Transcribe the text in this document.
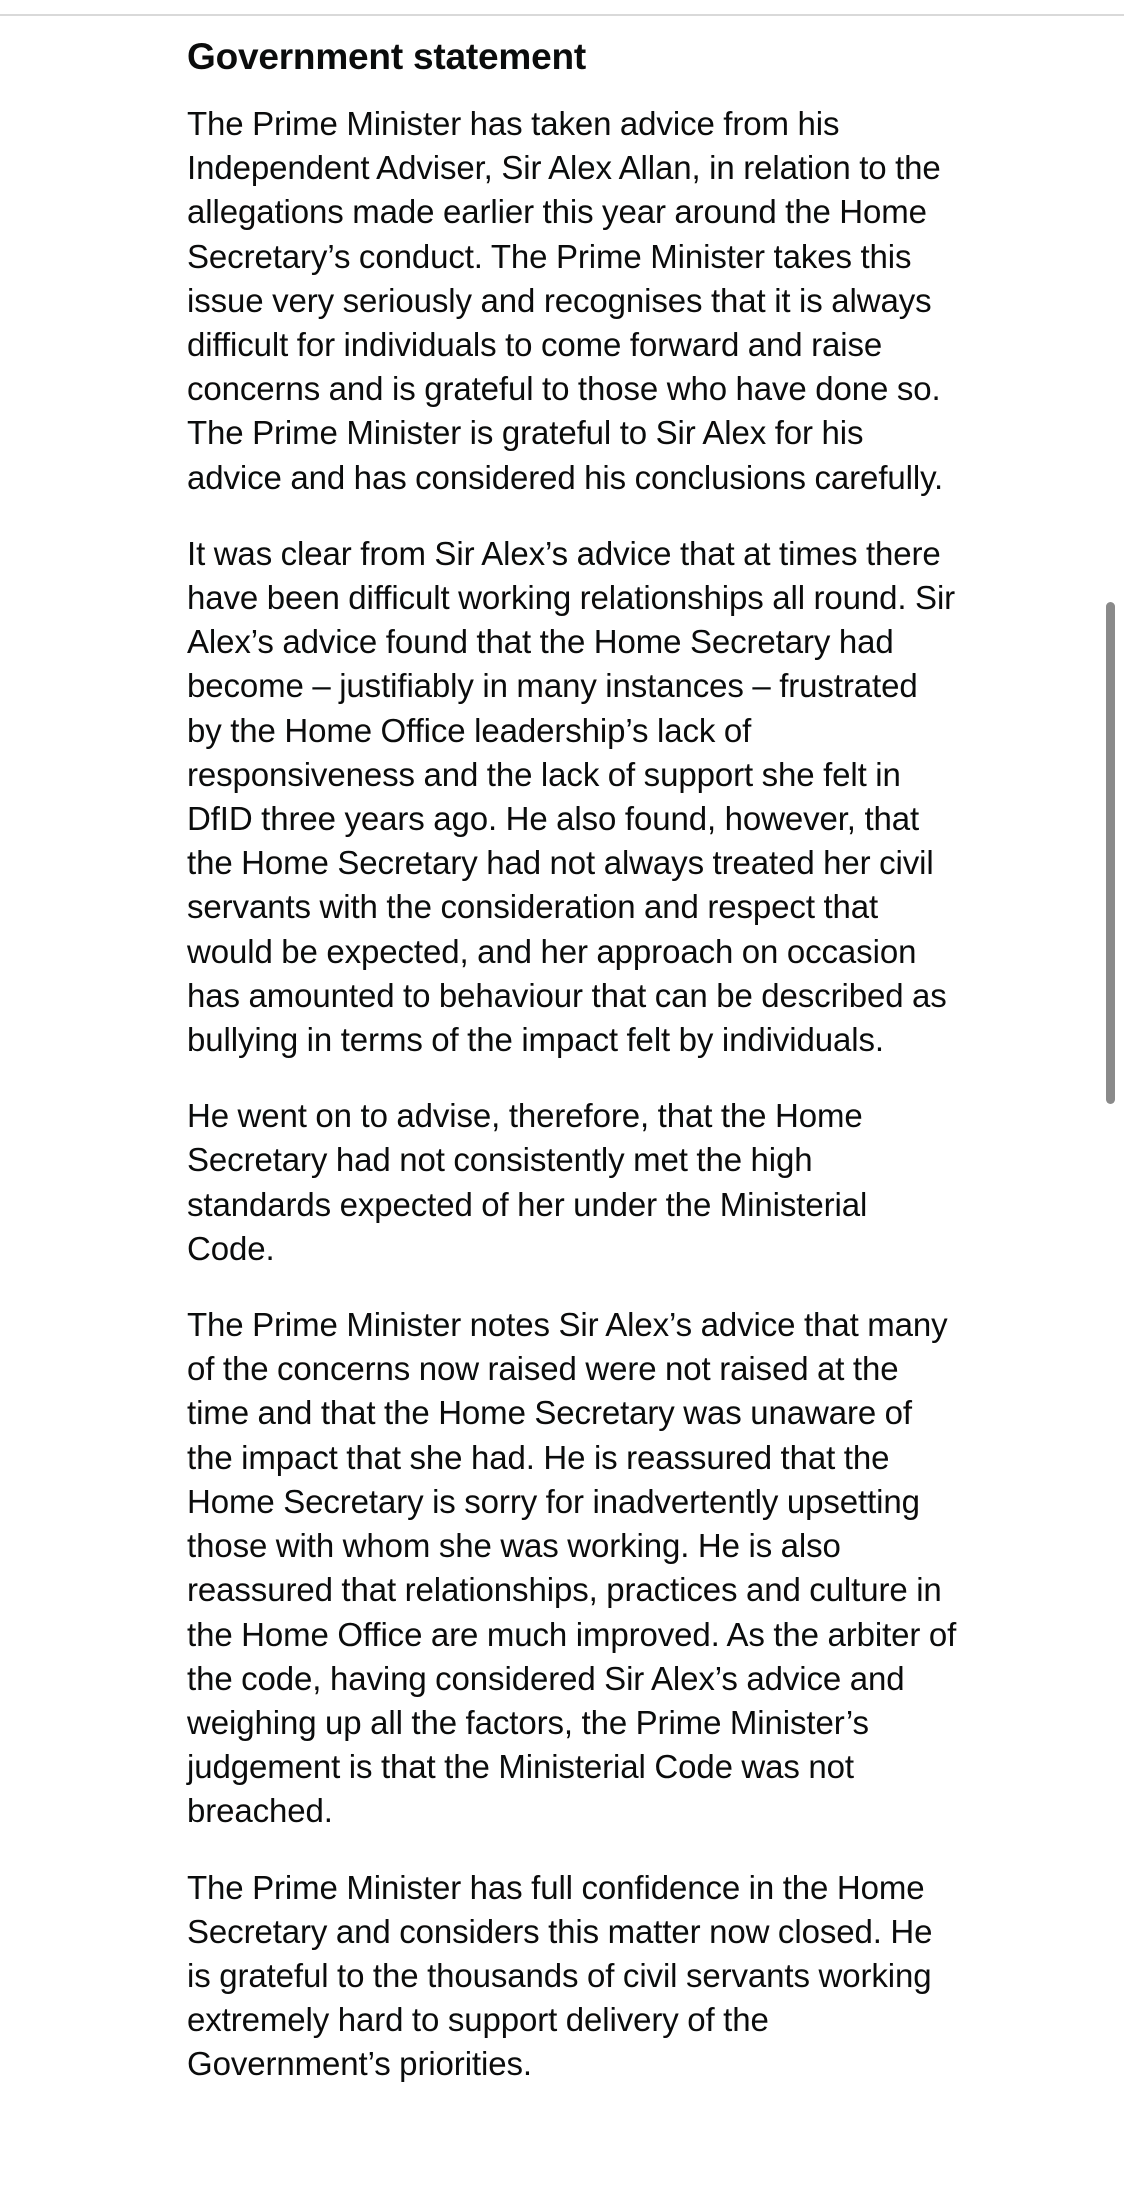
Government statement

The Prime Minister has taken advice from his Independent Adviser, Sir Alex Allan, in relation to the allegations made earlier this year around the Home Secretary’s conduct. The Prime Minister takes this issue very seriously and recognises that it is always difficult for individuals to come forward and raise concerns and is grateful to those who have done so. The Prime Minister is grateful to Sir Alex for his advice and has considered his conclusions carefully.

It was clear from Sir Alex’s advice that at times there have been difficult working relationships all round. Sir Alex’s advice found that the Home Secretary had become – justifiably in many instances – frustrated by the Home Office leadership’s lack of responsiveness and the lack of support she felt in DfID three years ago. He also found, however, that the Home Secretary had not always treated her civil servants with the consideration and respect that would be expected, and her approach on occasion has amounted to behaviour that can be described as bullying in terms of the impact felt by individuals.

He went on to advise, therefore, that the Home Secretary had not consistently met the high standards expected of her under the Ministerial Code.

The Prime Minister notes Sir Alex’s advice that many of the concerns now raised were not raised at the time and that the Home Secretary was unaware of the impact that she had. He is reassured that the Home Secretary is sorry for inadvertently upsetting those with whom she was working. He is also reassured that relationships, practices and culture in the Home Office are much improved. As the arbiter of the code, having considered Sir Alex’s advice and weighing up all the factors, the Prime Minister’s judgement is that the Ministerial Code was not breached.

The Prime Minister has full confidence in the Home Secretary and considers this matter now closed. He is grateful to the thousands of civil servants working extremely hard to support delivery of the Government’s priorities.
